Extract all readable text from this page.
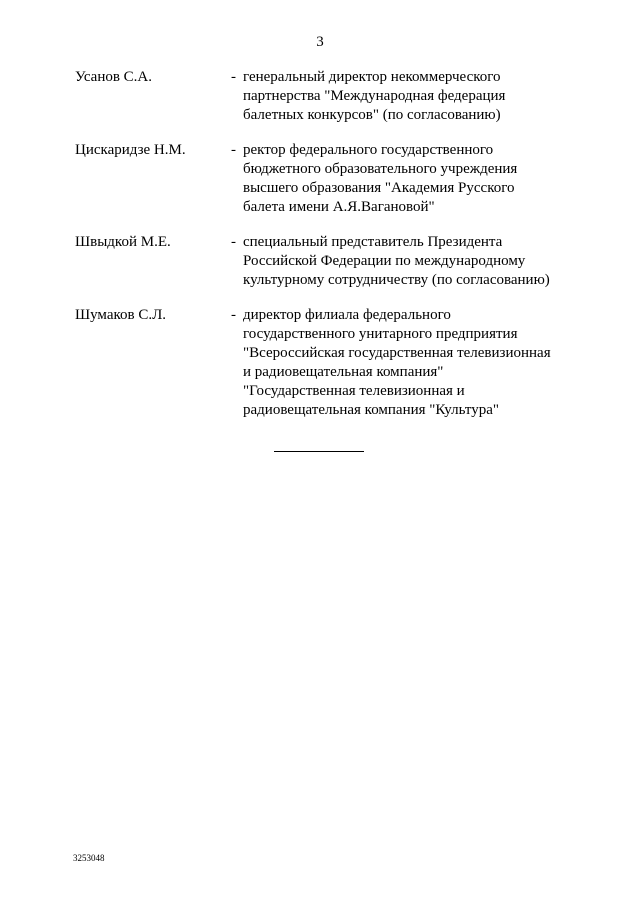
3
Усанов С.А.	- генеральный директор некоммерческого
партнерства "Международная федерация
балетных конкурсов" (по согласованию)
Цискаридзе Н.М.	- ректор федерального государственного
бюджетного образовательного учреждения
высшего образования "Академия Русского
балета имени А.Я.Вагановой"
Швыдкой М.Е.	- специальный представитель Президента
Российской Федерации по международному
культурному сотрудничеству (по согласованию)
Шумаков С.Л.	- директор филиала федерального
государственного унитарного предприятия
"Всероссийская государственная телевизионная
и радиовещательная компания"
"Государственная телевизионная и
радиовещательная компания "Культура"
3253048
